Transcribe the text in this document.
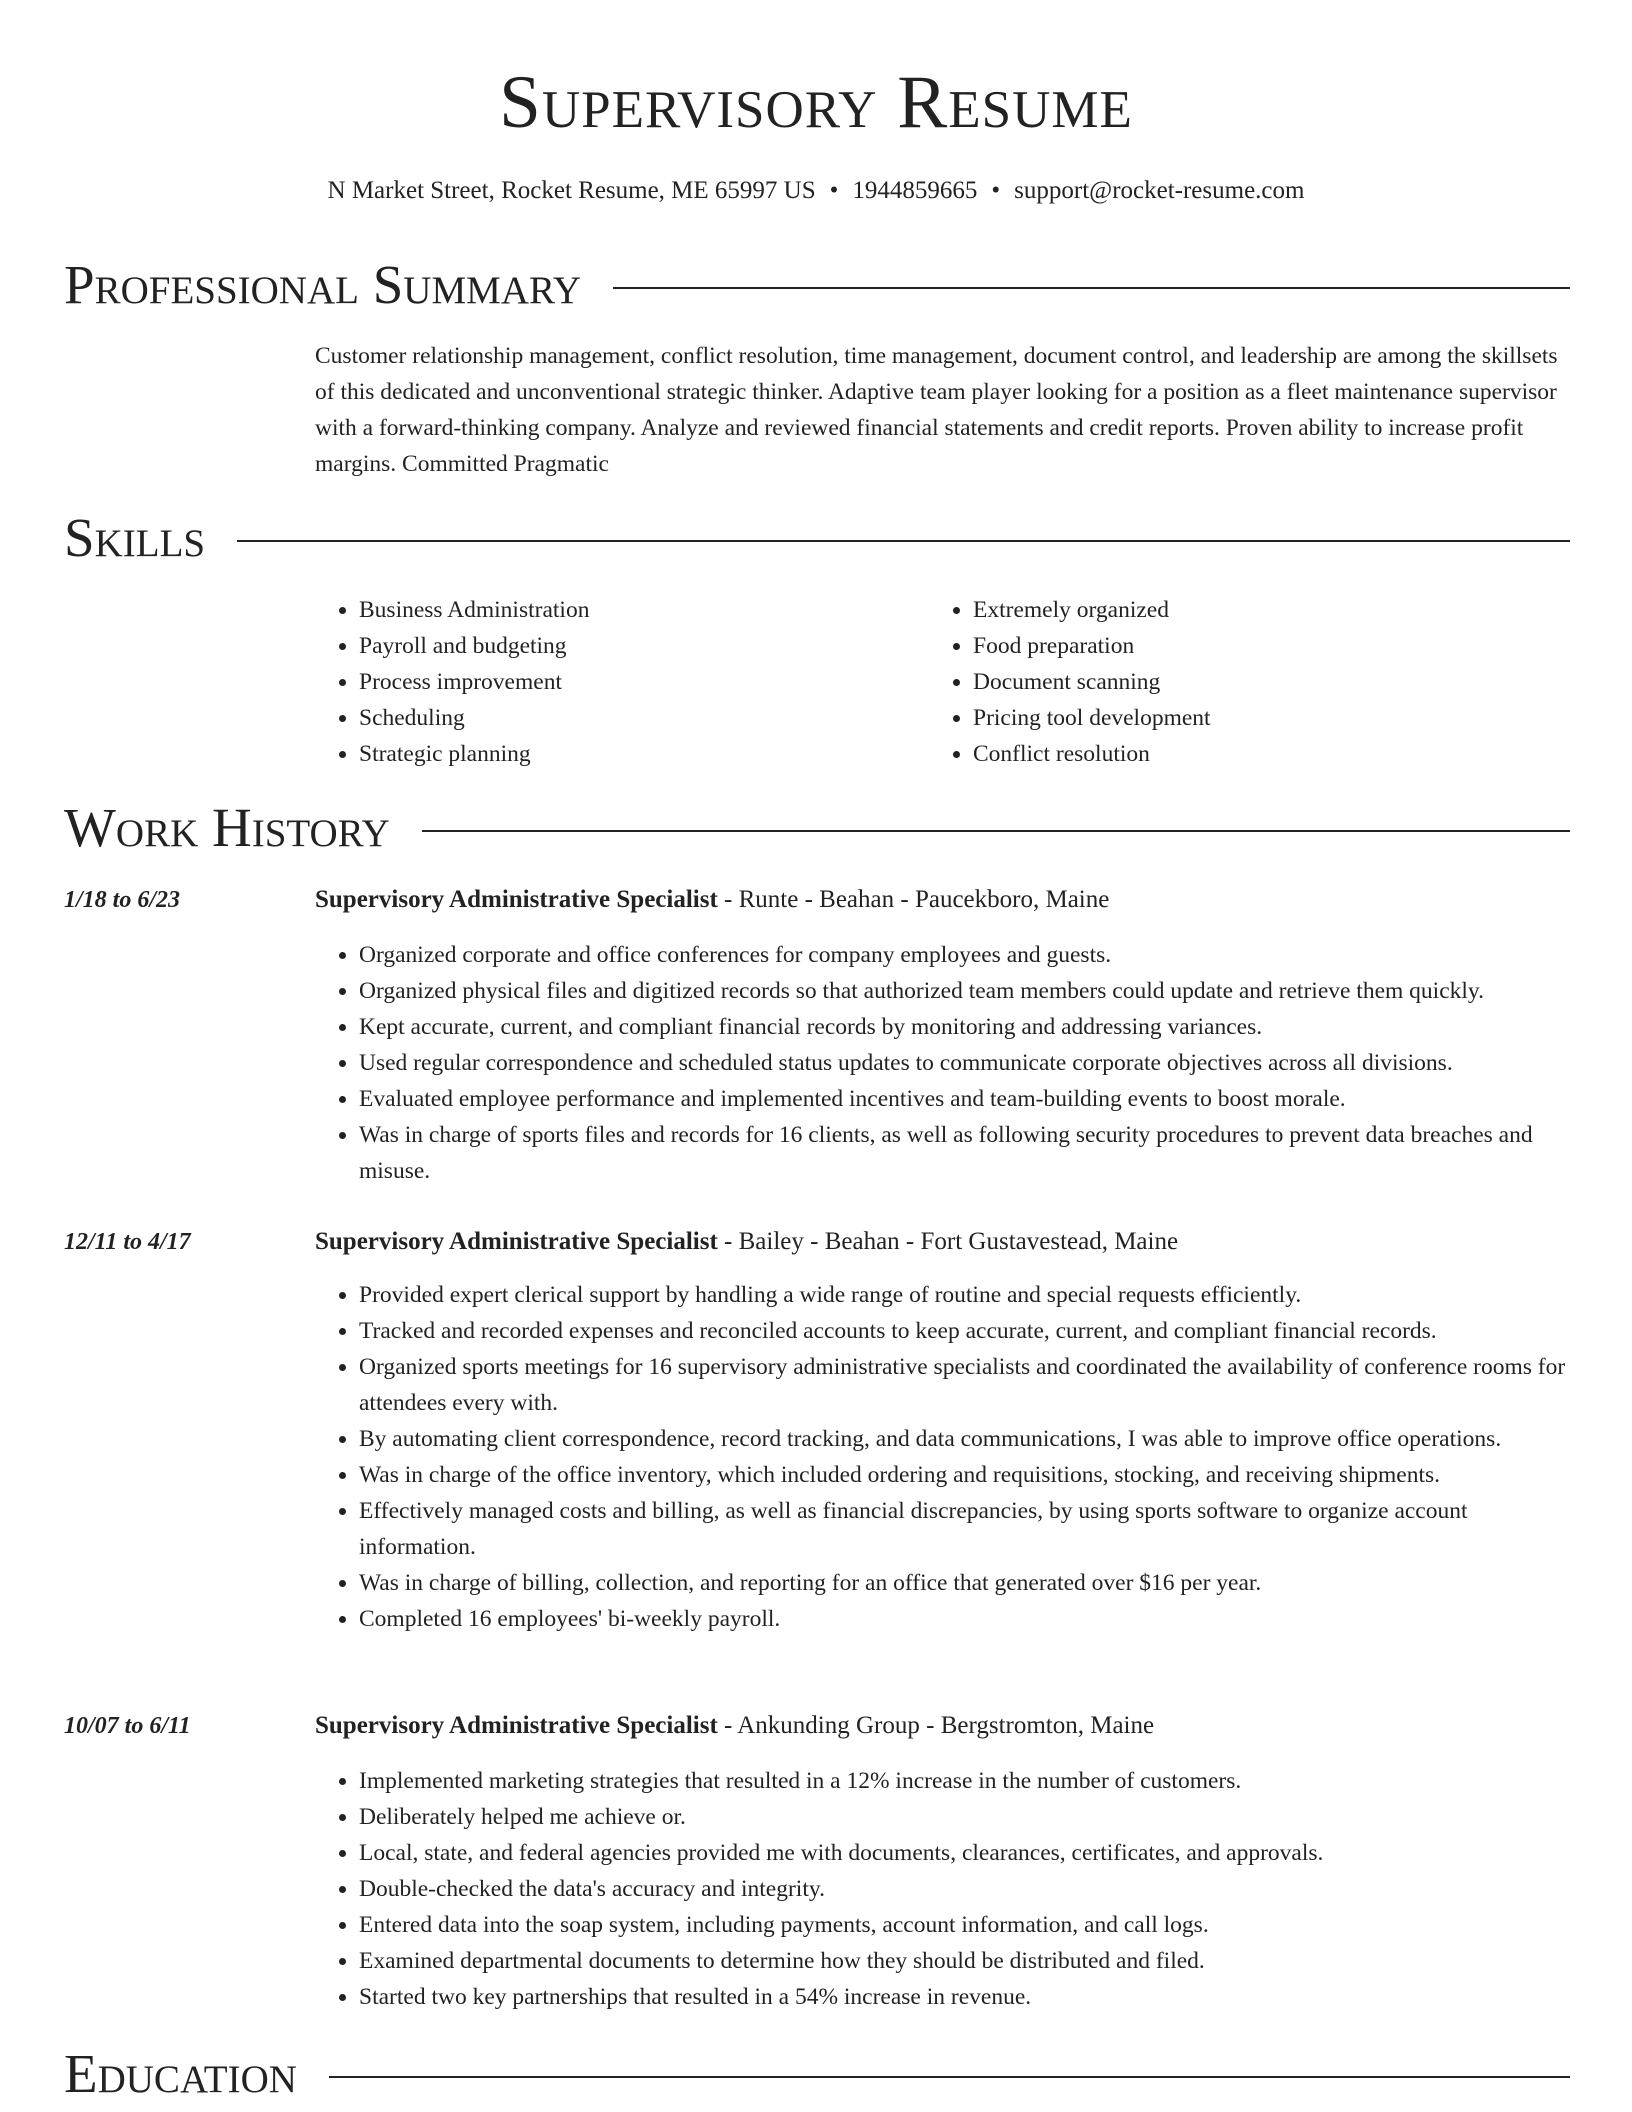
Supervisory Resume
N Market Street, Rocket Resume, ME 65997 US • 1944859665 • support@rocket-resume.com
Professional Summary

Customer relationship management, conflict resolution, time management, document control, and leadership are among the skillsets of this dedicated and unconventional strategic thinker. Adaptive team player looking for a position as a fleet maintenance supervisor with a forward-thinking company. Analyze and reviewed financial statements and credit reports. Proven ability to increase profit margins. Committed Pragmatic

Skills
• Business Administration
• Payroll and budgeting
• Process improvement
• Scheduling
• Strategic planning
• Extremely organized
• Food preparation
• Document scanning
• Pricing tool development
• Conflict resolution
Work History
1/18 to 6/23	Supervisory Administrative Specialist - Runte - Beahan - Paucekboro, Maine
• Organized corporate and office conferences for company employees and guests.
• Organized physical files and digitized records so that authorized team members could update and retrieve them quickly.
• Kept accurate, current, and compliant financial records by monitoring and addressing variances.
• Used regular correspondence and scheduled status updates to communicate corporate objectives across all divisions.
• Evaluated employee performance and implemented incentives and team-building events to boost morale.
• Was in charge of sports files and records for 16 clients, as well as following security procedures to prevent data breaches and misuse.
12/11 to 4/17	Supervisory Administrative Specialist - Bailey - Beahan - Fort Gustavestead, Maine
• Provided expert clerical support by handling a wide range of routine and special requests efficiently.
• Tracked and recorded expenses and reconciled accounts to keep accurate, current, and compliant financial records.
• Organized sports meetings for 16 supervisory administrative specialists and coordinated the availability of conference rooms for attendees every with.
• By automating client correspondence, record tracking, and data communications, I was able to improve office operations.
• Was in charge of the office inventory, which included ordering and requisitions, stocking, and receiving shipments.
• Effectively managed costs and billing, as well as financial discrepancies, by using sports software to organize account information.
• Was in charge of billing, collection, and reporting for an office that generated over $16 per year.
• Completed 16 employees' bi-weekly payroll.
10/07 to 6/11	Supervisory Administrative Specialist - Ankunding Group - Bergstromton, Maine
• Implemented marketing strategies that resulted in a 12% increase in the number of customers.
• Deliberately helped me achieve or.
• Local, state, and federal agencies provided me with documents, clearances, certificates, and approvals.
• Double-checked the data's accuracy and integrity.
• Entered data into the soap system, including payments, account information, and call logs.
• Examined departmental documents to determine how they should be distributed and filed.
• Started two key partnerships that resulted in a 54% increase in revenue.
Education
